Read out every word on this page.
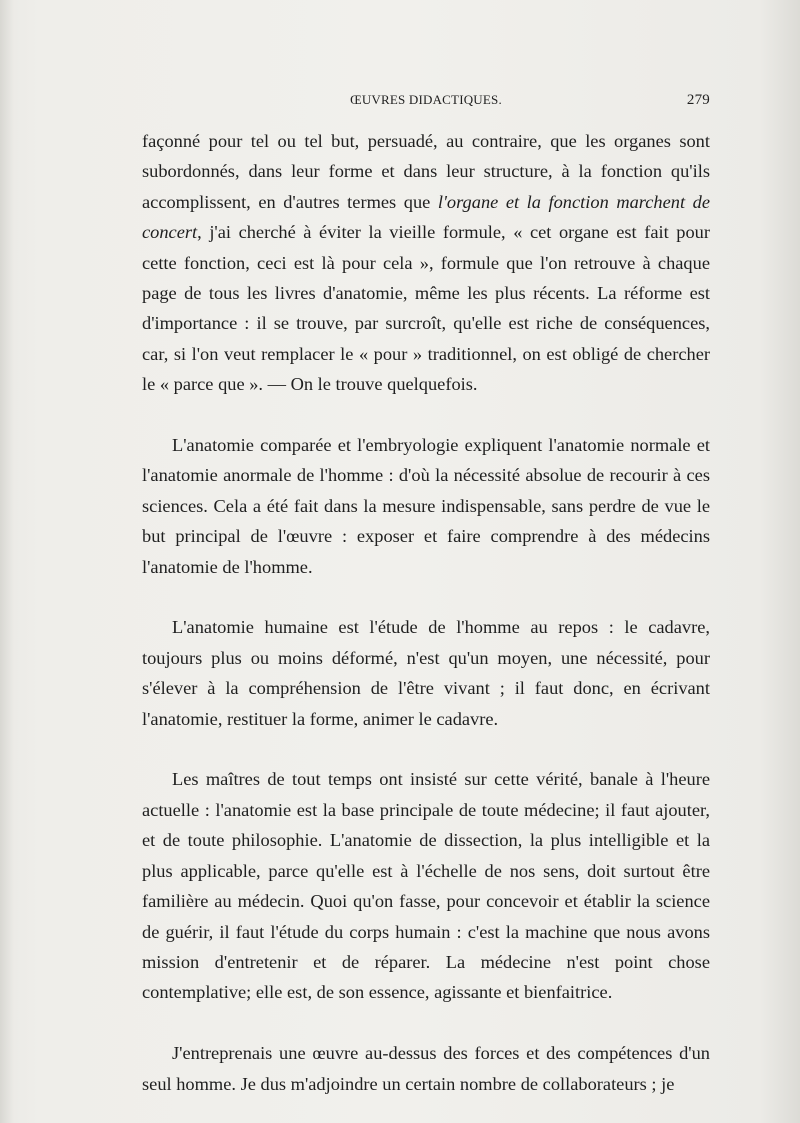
ŒUVRES DIDACTIQUES.	279

façonné pour tel ou tel but, persuadé, au contraire, que les organes sont subordonnés, dans leur forme et dans leur structure, à la fonction qu'ils accomplissent, en d'autres termes que l'organe et la fonction marchent de concert, j'ai cherché à éviter la vieille formule, « cet organe est fait pour cette fonction, ceci est là pour cela », formule que l'on retrouve à chaque page de tous les livres d'anatomie, même les plus récents. La réforme est d'importance : il se trouve, par surcroît, qu'elle est riche de conséquences, car, si l'on veut remplacer le « pour » traditionnel, on est obligé de chercher le « parce que ». — On le trouve quelquefois.

L'anatomie comparée et l'embryologie expliquent l'anatomie normale et l'anatomie anormale de l'homme : d'où la nécessité absolue de recourir à ces sciences. Cela a été fait dans la mesure indispensable, sans perdre de vue le but principal de l'œuvre : exposer et faire comprendre à des médecins l'anatomie de l'homme.

L'anatomie humaine est l'étude de l'homme au repos : le cadavre, toujours plus ou moins déformé, n'est qu'un moyen, une nécessité, pour s'élever à la compréhension de l'être vivant ; il faut donc, en écrivant l'anatomie, restituer la forme, animer le cadavre.

Les maîtres de tout temps ont insisté sur cette vérité, banale à l'heure actuelle : l'anatomie est la base principale de toute médecine; il faut ajouter, et de toute philosophie. L'anatomie de dissection, la plus intelligible et la plus applicable, parce qu'elle est à l'échelle de nos sens, doit surtout être familière au médecin. Quoi qu'on fasse, pour concevoir et établir la science de guérir, il faut l'étude du corps humain : c'est la machine que nous avons mission d'entretenir et de réparer. La médecine n'est point chose contemplative; elle est, de son essence, agissante et bienfaitrice.

J'entreprenais une œuvre au-dessus des forces et des compétences d'un seul homme. Je dus m'adjoindre un certain nombre de collaborateurs ; je
